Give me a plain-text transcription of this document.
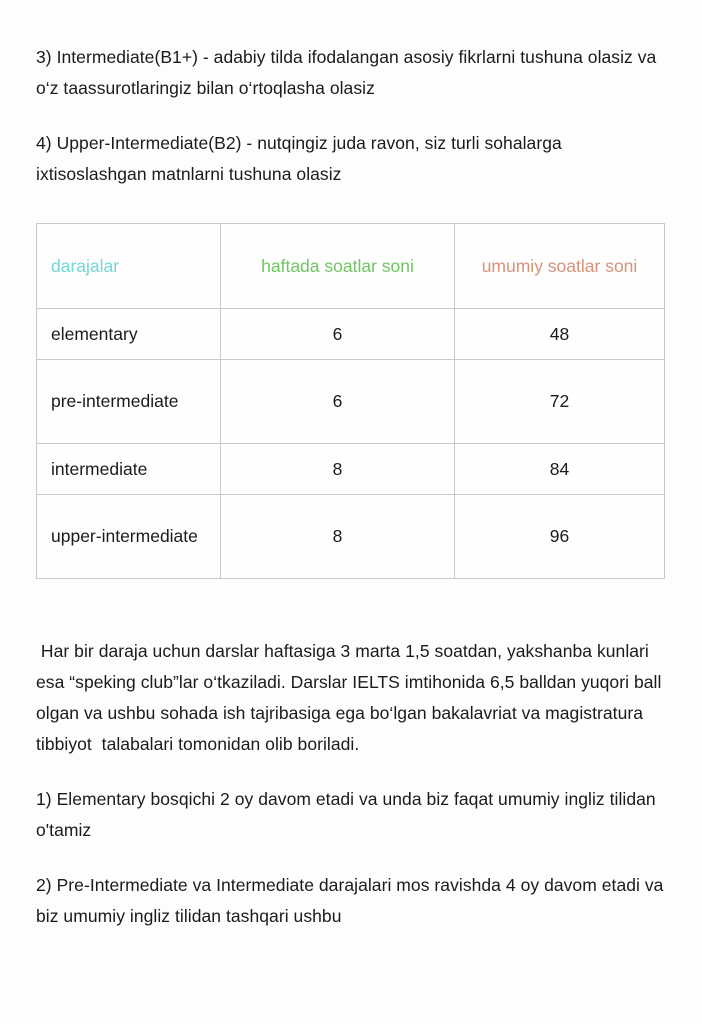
3) Intermediate(B1+) - adabiy tilda ifodalangan asosiy fikrlarni tushuna olasiz va o‘z taassurotlaringiz bilan o‘rtoqlasha olasiz

4) Upper-Intermediate(B2) - nutqingiz juda ravon, siz turli sohalarga ixtisoslashgan matnlarni tushuna olasiz

darajalar	haftada soatlar soni	umumiy soatlar soni
elementary	6	48
pre-intermediate	6	72
intermediate	8	84
upper-intermediate	8	96

Har bir daraja uchun darslar haftasiga 3 marta 1,5 soatdan, yakshanba kunlari esa “speking club”lar o‘tkaziladi. Darslar IELTS imtihonida 6,5 balldan yuqori ball olgan va ushbu sohada ish tajribasiga ega bo‘lgan bakalavriat va magistratura tibbiyot  talabalari tomonidan olib boriladi.

1) Elementary bosqichi 2 oy davom etadi va unda biz faqat umumiy ingliz tilidan o'tamiz

2) Pre-Intermediate va Intermediate darajalari mos ravishda 4 oy davom etadi va biz umumiy ingliz tilidan tashqari ushbu
